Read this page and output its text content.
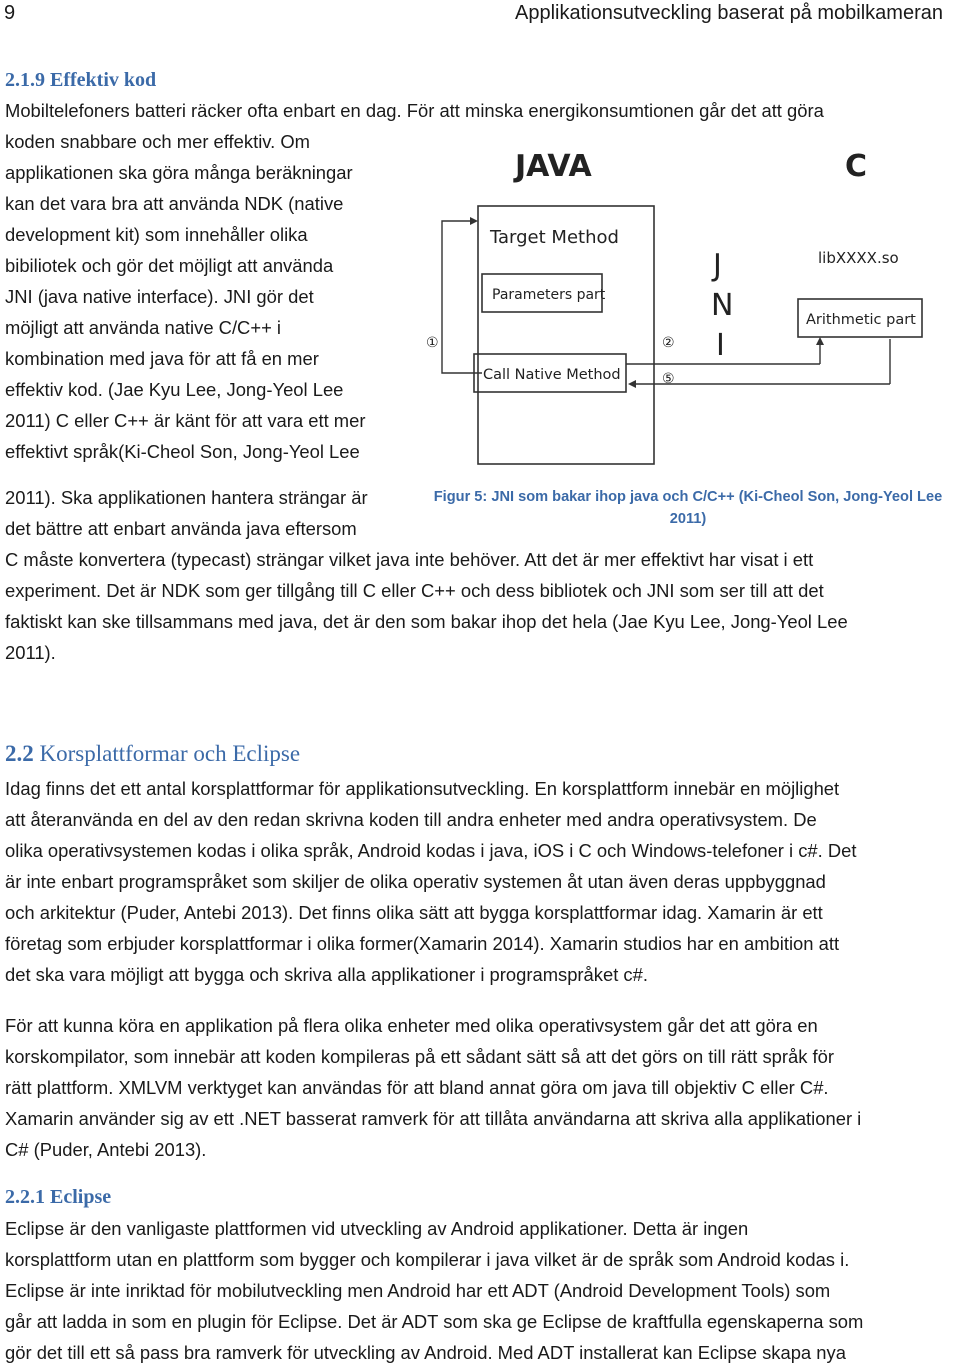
9	Applikationsutveckling baserat på mobilkameran
2.1.9 Effektiv kod
Mobiltelefoners batteri räcker ofta enbart en dag. För att minska energikonsumtionen går det att göra
koden snabbare och mer effektiv. Om
applikationen ska göra många beräkningar
kan det vara bra att använda NDK (native
development kit) som innehåller olika
bibiliotek och gör det möjligt att använda
JNI (java native interface). JNI gör det
möjligt att använda native C/C++ i
kombination med java för att få en mer
effektiv kod. (Jae Kyu Lee, Jong-Yeol Lee
2011) C eller C++ är känt för att vara ett mer
effektivt språk(Ki-Cheol Son, Jong-Yeol Lee
2011). Ska applikationen hantera strängar är
det bättre att enbart använda java eftersom
C måste konvertera (typecast) strängar vilket java inte behöver. Att det är mer effektivt har visat i ett
experiment. Det är NDK som ger tillgång till C eller C++ och dess bibliotek och JNI som ser till att det
faktiskt kan ske tillsammans med java, det är den som bakar ihop det hela (Jae Kyu Lee, Jong-Yeol Lee
2011).
JAVA	C
Target Method
Parameters part
Call Native Method
J
N
I
libXXXX.so
Arithmetic part
①	②
⑤
Figur 5: JNI som bakar ihop java och C/C++ (Ki-Cheol Son, Jong-Yeol Lee
2011)
2.2 Korsplattformar och Eclipse
Idag finns det ett antal korsplattformar för applikationsutveckling. En korsplattform innebär en möjlighet
att återanvända en del av den redan skrivna koden till andra enheter med andra operativsystem. De
olika operativsystemen kodas i olika språk, Android kodas i java, iOS i C och Windows-telefoner i c#. Det
är inte enbart programspråket som skiljer de olika operativ systemen åt utan även deras uppbyggnad
och arkitektur (Puder, Antebi 2013). Det finns olika sätt att bygga korsplattformar idag. Xamarin är ett
företag som erbjuder korsplattformar i olika former(Xamarin 2014). Xamarin studios har en ambition att
det ska vara möjligt att bygga och skriva alla applikationer i programspråket c#.
För att kunna köra en applikation på flera olika enheter med olika operativsystem går det att göra en
korskompilator, som innebär att koden kompileras på ett sådant sätt så att det görs on till rätt språk för
rätt plattform. XMLVM verktyget kan användas för att bland annat göra om java till objektiv C eller C#.
Xamarin använder sig av ett .NET basserat ramverk för att tillåta användarna att skriva alla applikationer i
C# (Puder, Antebi 2013).
2.2.1 Eclipse
Eclipse är den vanligaste plattformen vid utveckling av Android applikationer. Detta är ingen
korsplattform utan en plattform som bygger och kompilerar i java vilket är de språk som Android kodas i.
Eclipse är inte inriktad för mobilutveckling men Android har ett ADT (Android Development Tools) som
går att ladda in som en plugin för Eclipse. Det är ADT som ska ge Eclipse de kraftfulla egenskaperna som
gör det till ett så pass bra ramverk för utveckling av Android. Med ADT installerat kan Eclipse skapa nya
